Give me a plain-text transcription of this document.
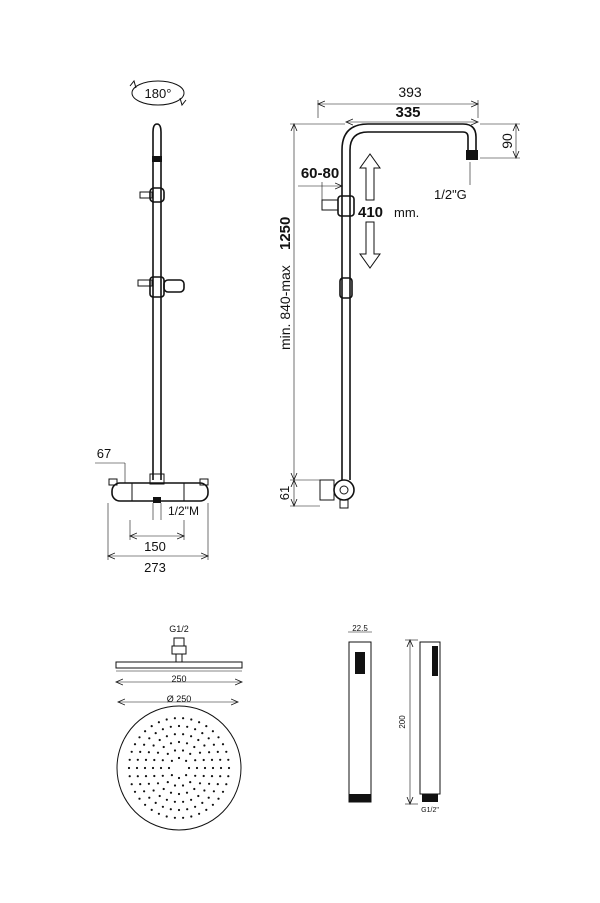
180°
67
1/2"M
150
273
393
335
90
1/2"G
60-80
410 mm.
min. 840-max
1250
61
G1/2
250
Ø 250
22.5
200
G1/2"
